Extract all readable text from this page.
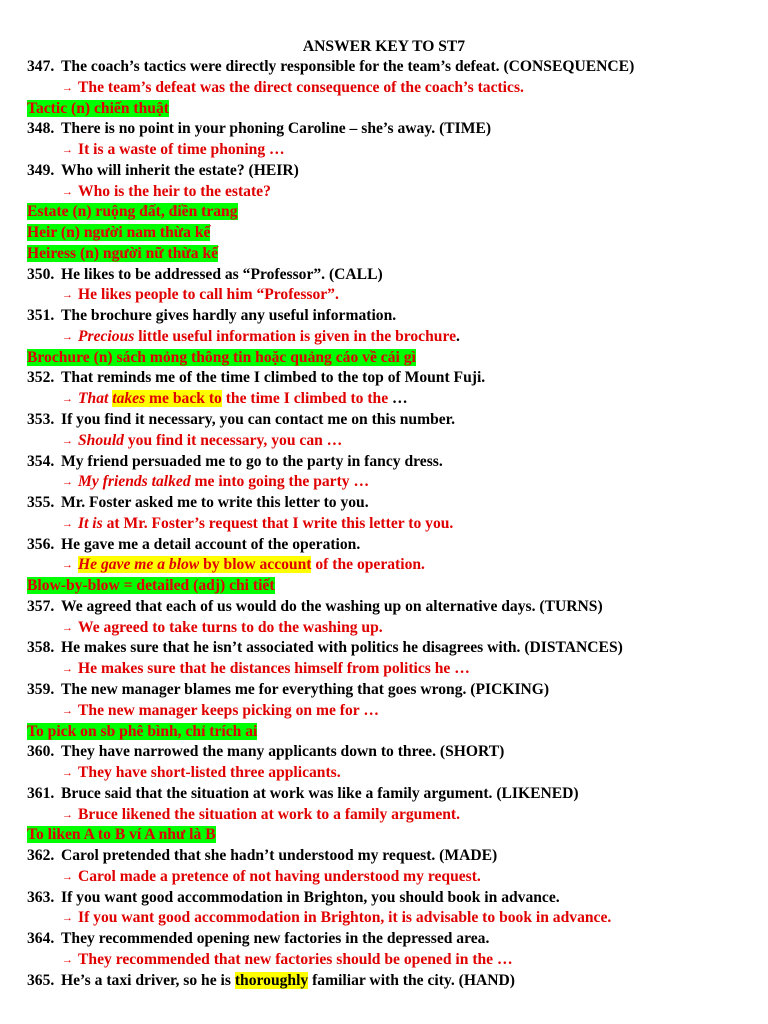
ANSWER KEY TO ST7
347. The coach’s tactics were directly responsible for the team’s defeat. (CONSEQUENCE)
→ The team’s defeat was the direct consequence of the coach’s tactics.
Tactic (n) chiến thuật
348. There is no point in your phoning Caroline – she’s away. (TIME)
→ It is a waste of time phoning …
349. Who will inherit the estate? (HEIR)
→ Who is the heir to the estate?
Estate (n) ruộng đất, điền trang
Heir (n) người nam thừa kế
Heiress (n) người nữ thừa kế
350. He likes to be addressed as “Professor”. (CALL)
→ He likes people to call him “Professor”.
351. The brochure gives hardly any useful information.
→ Precious little useful information is given in the brochure.
Brochure (n) sách mỏng thông tin hoặc quảng cáo về cái gì
352. That reminds me of the time I climbed to the top of Mount Fuji.
→ That takes me back to the time I climbed to the …
353. If you find it necessary, you can contact me on this number.
→ Should you find it necessary, you can …
354. My friend persuaded me to go to the party in fancy dress.
→ My friends talked me into going the party …
355. Mr. Foster asked me to write this letter to you.
→ It is at Mr. Foster’s request that I write this letter to you.
356. He gave me a detail account of the operation.
→ He gave me a blow by blow account of the operation.
Blow-by-blow = detailed (adj) chi tiết
357. We agreed that each of us would do the washing up on alternative days. (TURNS)
→ We agreed to take turns to do the washing up.
358. He makes sure that he isn’t associated with politics he disagrees with. (DISTANCES)
→ He makes sure that he distances himself from politics he …
359. The new manager blames me for everything that goes wrong. (PICKING)
→ The new manager keeps picking on me for …
To pick on sb phê bình, chỉ trích ai
360. They have narrowed the many applicants down to three. (SHORT)
→ They have short-listed three applicants.
361. Bruce said that the situation at work was like a family argument. (LIKENED)
→ Bruce likened the situation at work to a family argument.
To liken A to B ví A như là B
362. Carol pretended that she hadn’t understood my request. (MADE)
→ Carol made a pretence of not having understood my request.
363. If you want good accommodation in Brighton, you should book in advance.
→ If you want good accommodation in Brighton, it is advisable to book in advance.
364. They recommended opening new factories in the depressed area.
→ They recommended that new factories should be opened in the …
365. He’s a taxi driver, so he is thoroughly familiar with the city. (HAND)
